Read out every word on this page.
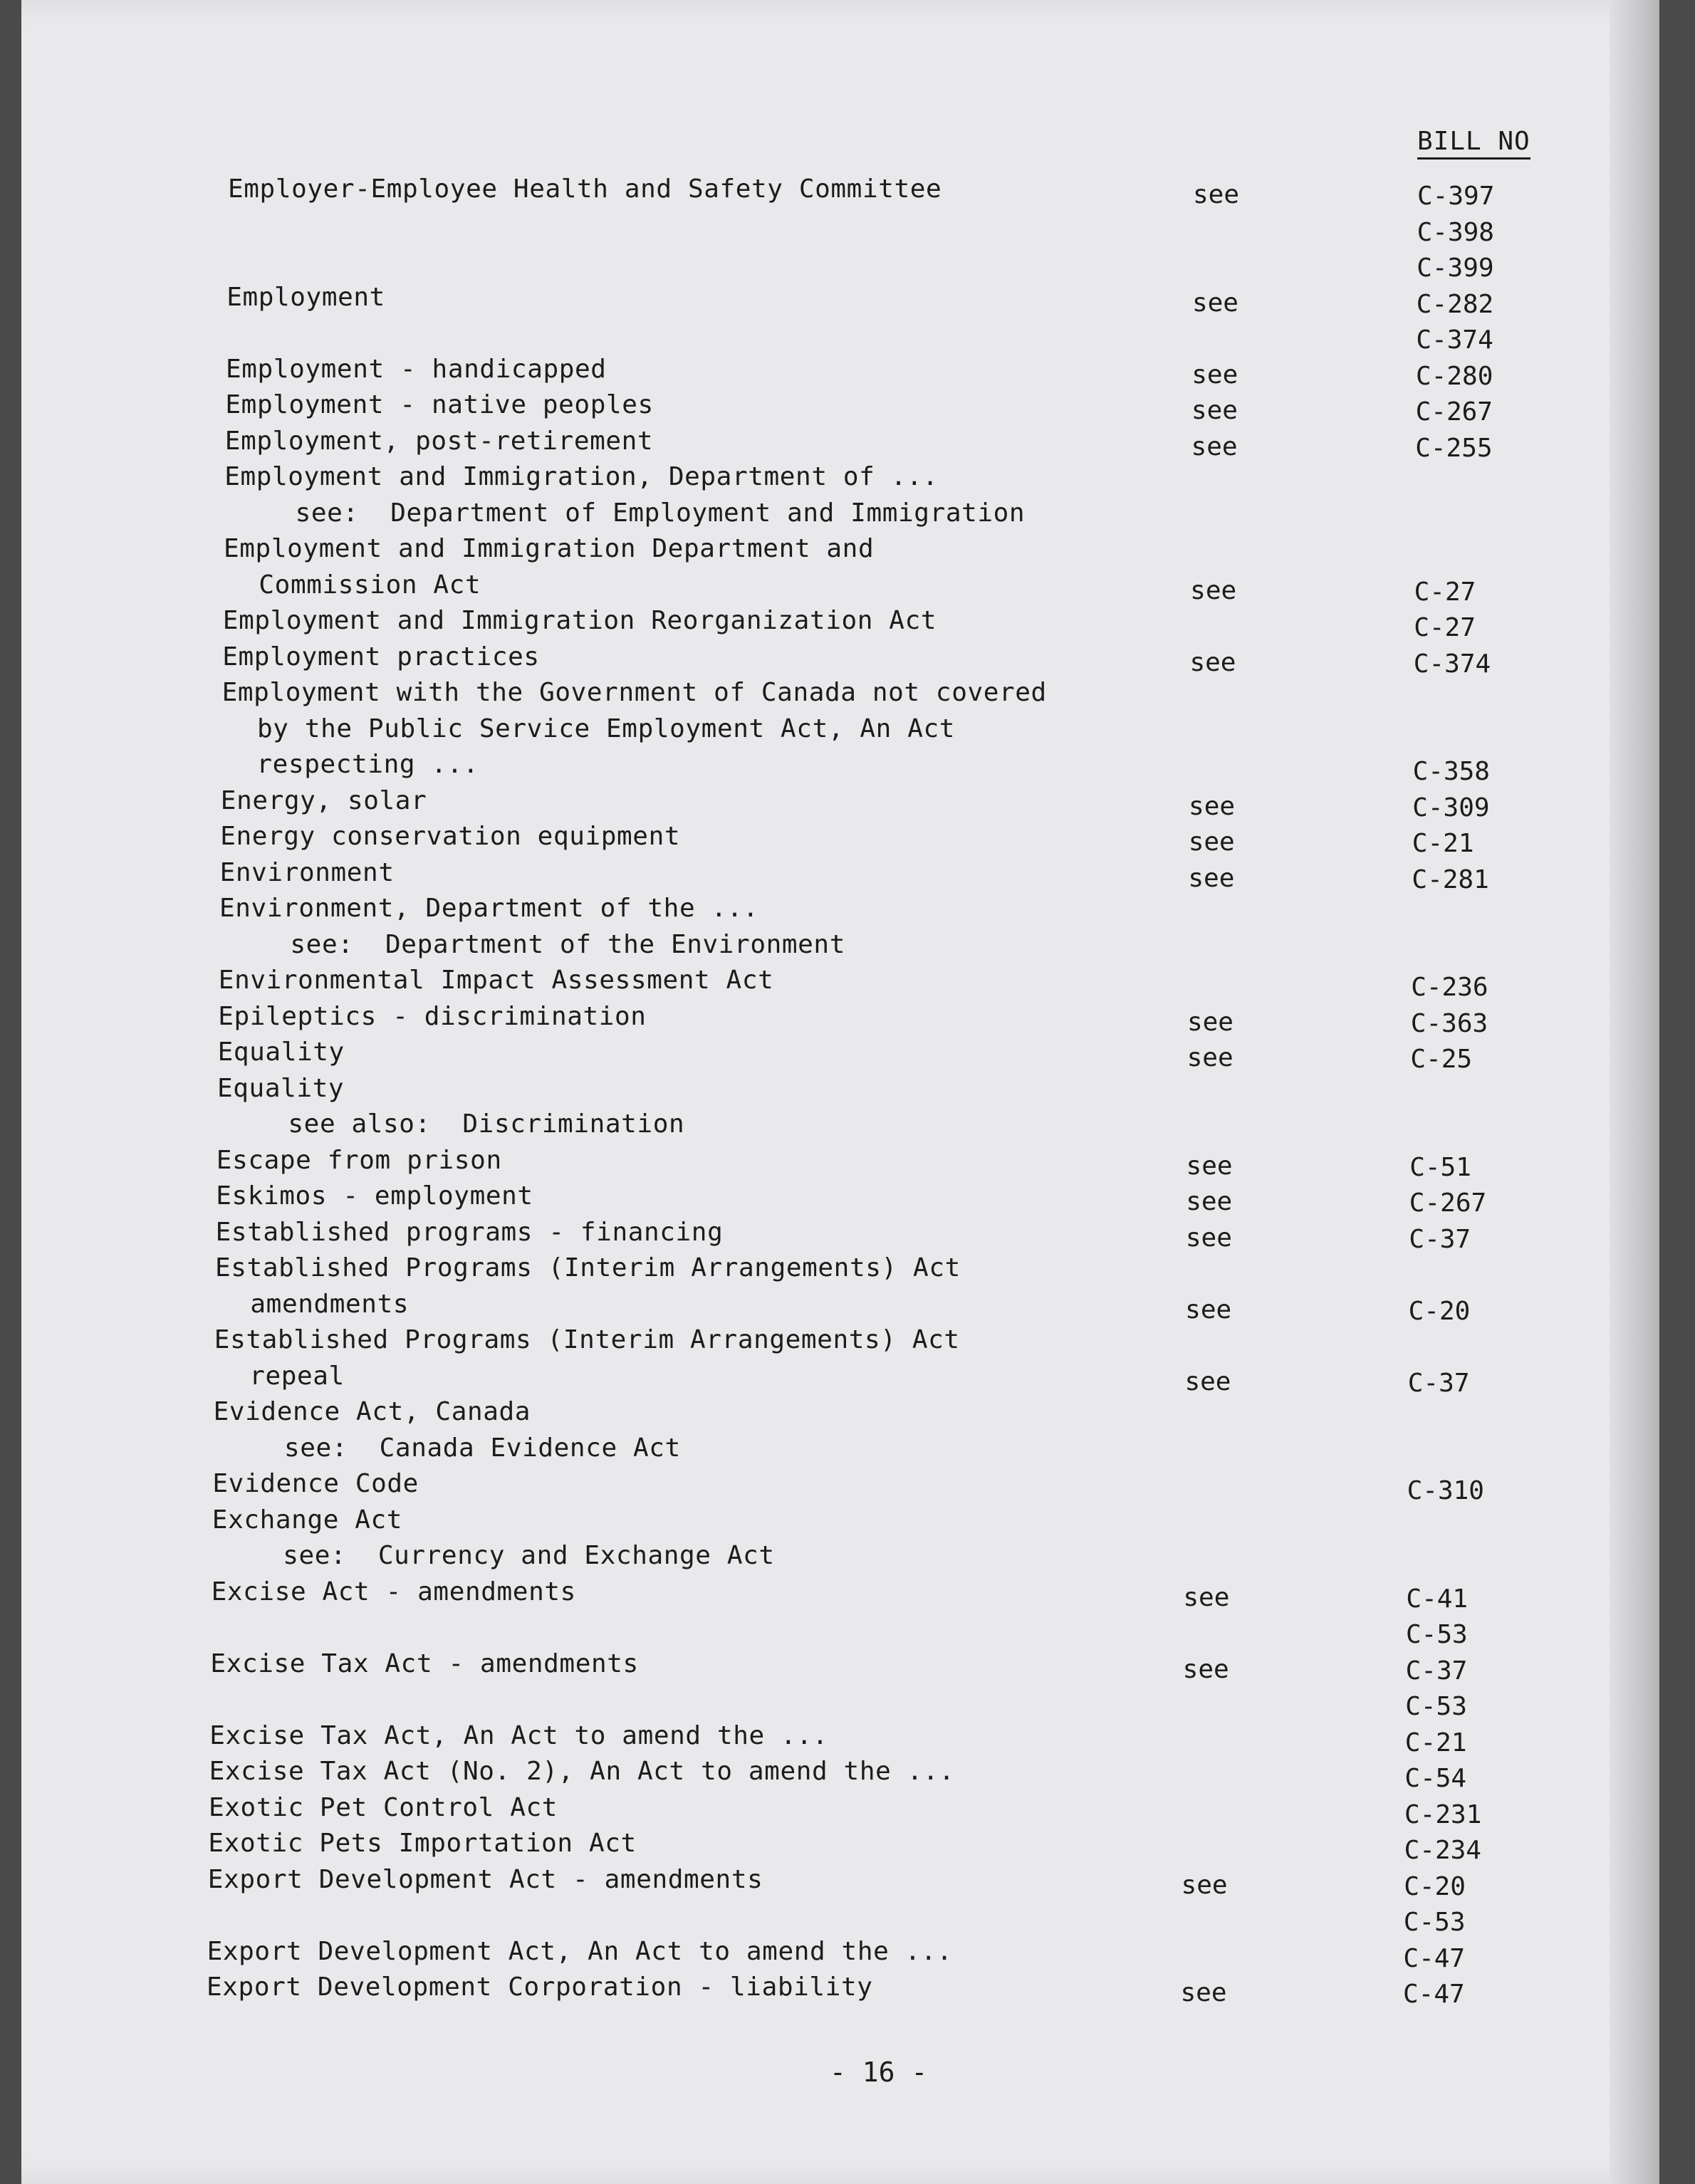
BILL NO
Employer-Employee Health and Safety Committee	see	C-397
C-398
C-399
Employment	see	C-282
C-374
Employment - handicapped	see	C-280
Employment - native peoples	see	C-267
Employment, post-retirement	see	C-255
Employment and Immigration, Department of ...
see:  Department of Employment and Immigration
Employment and Immigration Department and
Commission Act	see	C-27
Employment and Immigration Reorganization Act	C-27
Employment practices	see	C-374
Employment with the Government of Canada not covered
by the Public Service Employment Act, An Act
respecting ...	C-358
Energy, solar	see	C-309
Energy conservation equipment	see	C-21
Environment	see	C-281
Environment, Department of the ...
see:  Department of the Environment
Environmental Impact Assessment Act	C-236
Epileptics - discrimination	see	C-363
Equality	see	C-25
Equality
see also:  Discrimination
Escape from prison	see	C-51
Eskimos - employment	see	C-267
Established programs - financing	see	C-37
Established Programs (Interim Arrangements) Act
amendments	see	C-20
Established Programs (Interim Arrangements) Act
repeal	see	C-37
Evidence Act, Canada
see:  Canada Evidence Act
Evidence Code	C-310
Exchange Act
see:  Currency and Exchange Act
Excise Act - amendments	see	C-41
C-53
Excise Tax Act - amendments	see	C-37
C-53
Excise Tax Act, An Act to amend the ...	C-21
Excise Tax Act (No. 2), An Act to amend the ...	C-54
Exotic Pet Control Act	C-231
Exotic Pets Importation Act	C-234
Export Development Act - amendments	see	C-20
C-53
Export Development Act, An Act to amend the ...	C-47
Export Development Corporation - liability	see	C-47
- 16 -
